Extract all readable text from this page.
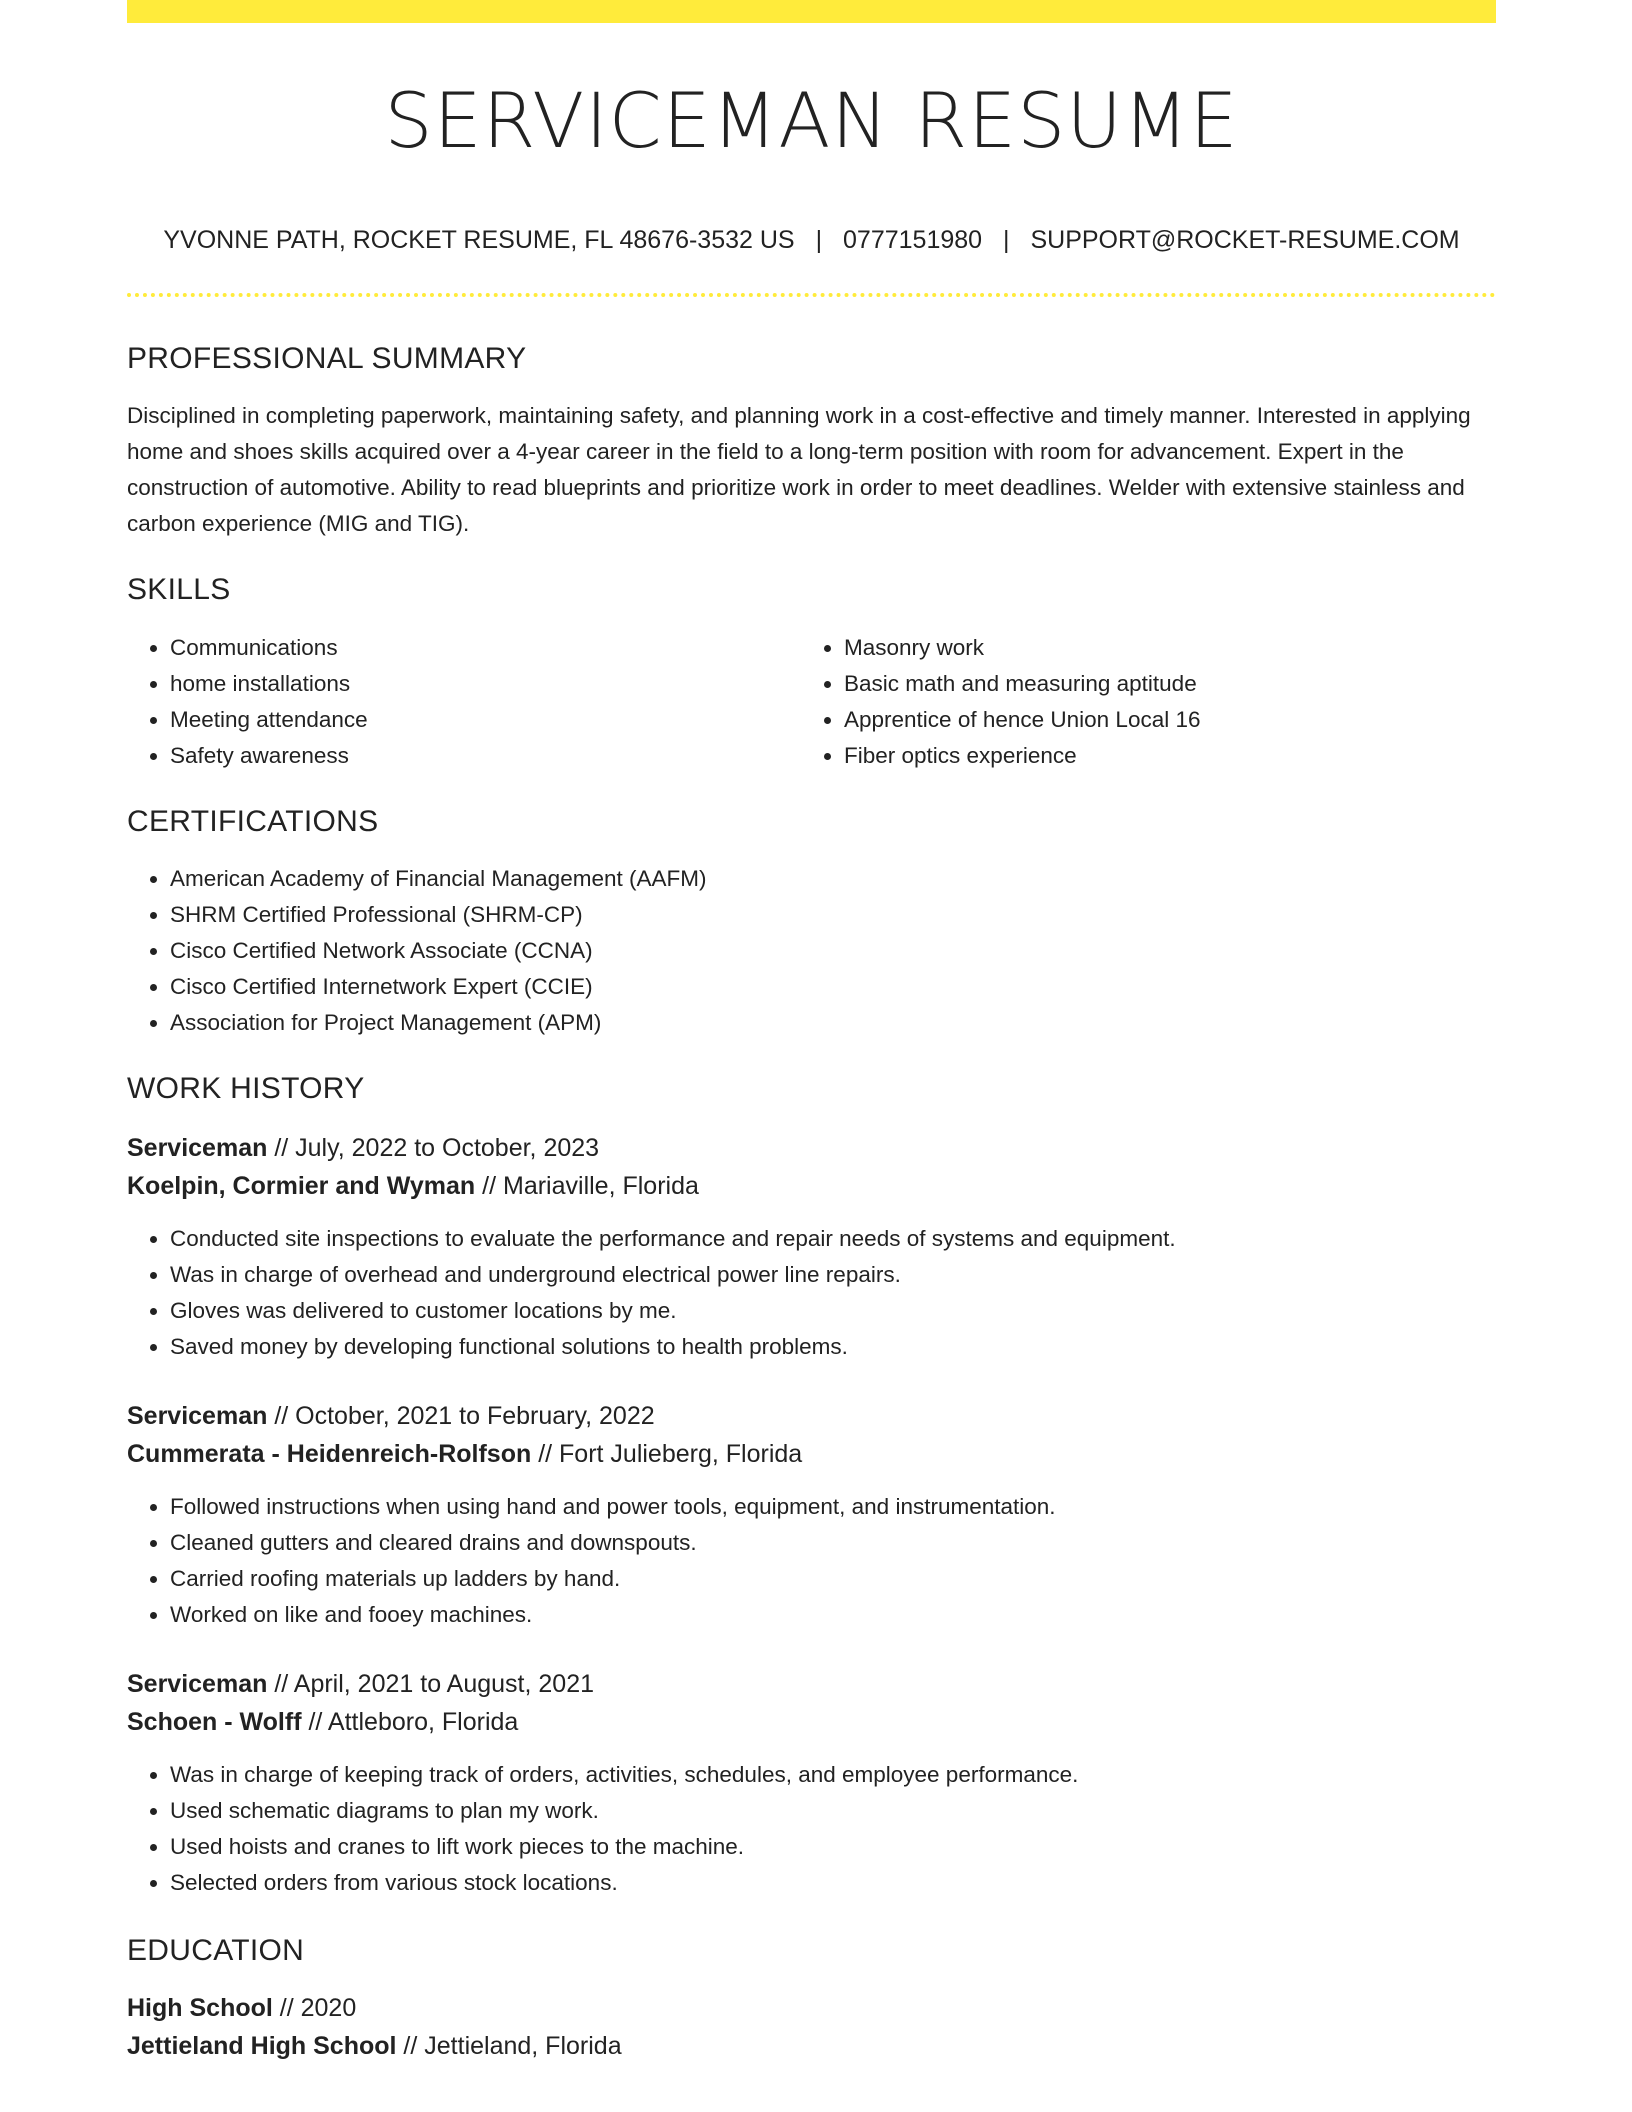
SERVICEMAN RESUME
YVONNE PATH, ROCKET RESUME, FL 48676-3532 US | 0777151980 | SUPPORT@ROCKET-RESUME.COM
PROFESSIONAL SUMMARY
Disciplined in completing paperwork, maintaining safety, and planning work in a cost-effective and timely manner. Interested in applying home and shoes skills acquired over a 4-year career in the field to a long-term position with room for advancement. Expert in the construction of automotive. Ability to read blueprints and prioritize work in order to meet deadlines. Welder with extensive stainless and carbon experience (MIG and TIG).
SKILLS
• Communications
• home installations
• Meeting attendance
• Safety awareness
• Masonry work
• Basic math and measuring aptitude
• Apprentice of hence Union Local 16
• Fiber optics experience
CERTIFICATIONS
• American Academy of Financial Management (AAFM)
• SHRM Certified Professional (SHRM-CP)
• Cisco Certified Network Associate (CCNA)
• Cisco Certified Internetwork Expert (CCIE)
• Association for Project Management (APM)
WORK HISTORY
Serviceman // July, 2022 to October, 2023
Koelpin, Cormier and Wyman // Mariaville, Florida
• Conducted site inspections to evaluate the performance and repair needs of systems and equipment.
• Was in charge of overhead and underground electrical power line repairs.
• Gloves was delivered to customer locations by me.
• Saved money by developing functional solutions to health problems.
Serviceman // October, 2021 to February, 2022
Cummerata - Heidenreich-Rolfson // Fort Julieberg, Florida
• Followed instructions when using hand and power tools, equipment, and instrumentation.
• Cleaned gutters and cleared drains and downspouts.
• Carried roofing materials up ladders by hand.
• Worked on like and fooey machines.
Serviceman // April, 2021 to August, 2021
Schoen - Wolff // Attleboro, Florida
• Was in charge of keeping track of orders, activities, schedules, and employee performance.
• Used schematic diagrams to plan my work.
• Used hoists and cranes to lift work pieces to the machine.
• Selected orders from various stock locations.
EDUCATION
High School // 2020
Jettieland High School // Jettieland, Florida
